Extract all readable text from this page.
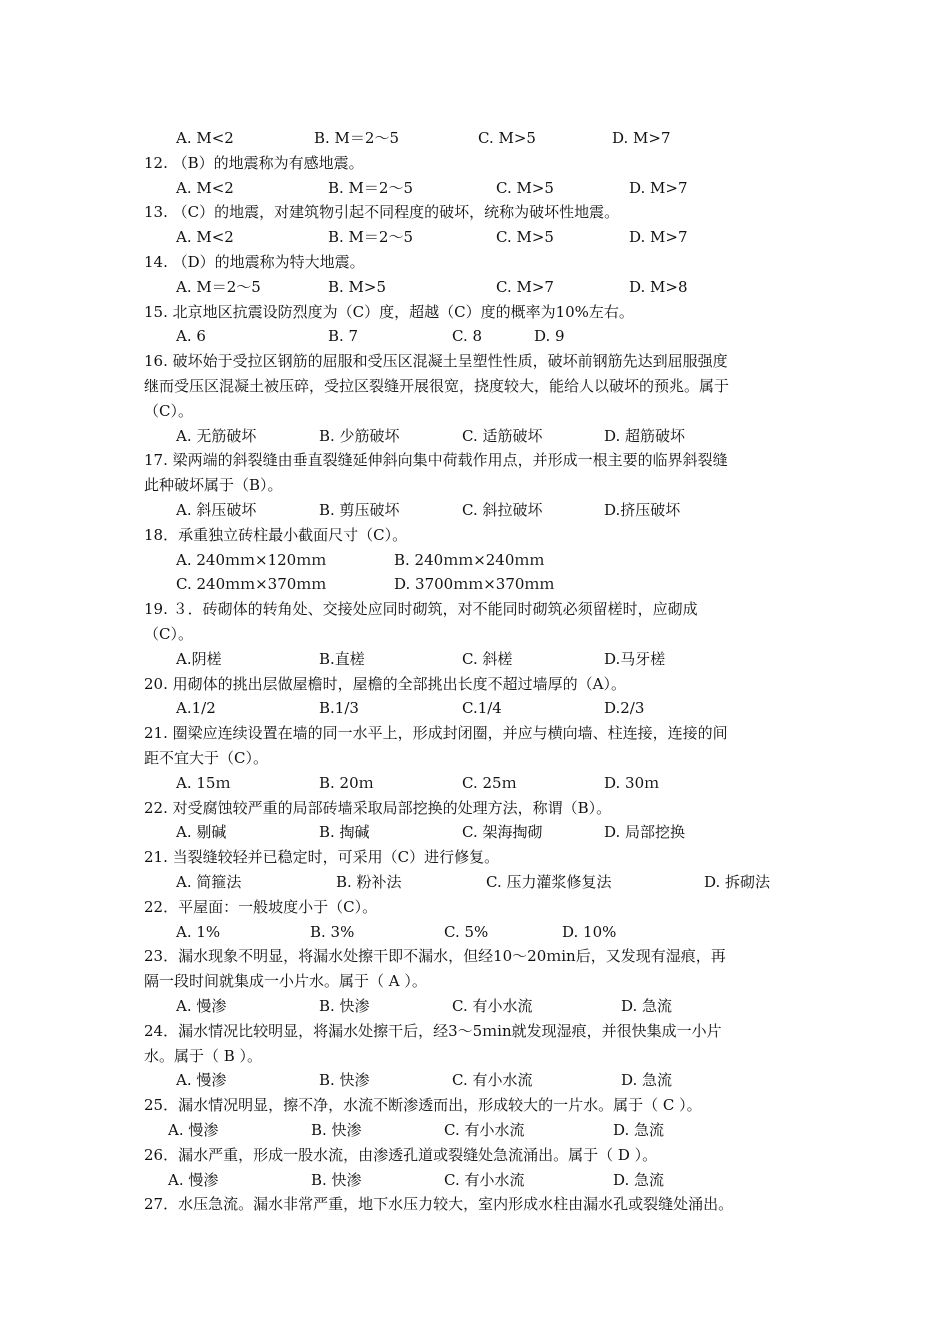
A. M<2	B. M＝2～5	C. M>5	D. M>7
12. （B）的地震称为有感地震。
A. M<2	B. M＝2～5	C. M>5	D. M>7
13. （C）的地震，对建筑物引起不同程度的破坏，统称为破坏性地震。
A. M<2	B. M＝2～5	C. M>5	D. M>7
14. （D）的地震称为特大地震。
A. M＝2～5	B. M>5	C. M>7	D. M>8
15. 北京地区抗震设防烈度为（C）度，超越（C）度的概率为10%左右。
A. 6	B. 7	C. 8	D. 9
16. 破坏始于受拉区钢筋的屈服和受压区混凝土呈塑性性质，破坏前钢筋先达到屈服强度
继而受压区混凝土被压碎，受拉区裂缝开展很宽，挠度较大，能给人以破坏的预兆。属于
（C）。
A. 无筋破坏	B. 少筋破坏	C. 适筋破坏	D. 超筋破坏
17. 梁两端的斜裂缝由垂直裂缝延伸斜向集中荷载作用点，并形成一根主要的临界斜裂缝
此种破坏属于（B）。
A. 斜压破坏	B. 剪压破坏	C. 斜拉破坏	D.挤压破坏
18．承重独立砖柱最小截面尺寸（C）。
A. 240ｍｍ×120ｍｍ	B. 240ｍｍ×240ｍｍ
C. 240ｍｍ×370ｍｍ	D. 3700ｍｍ×370ｍｍ
19. ３．砖砌体的转角处、交接处应同时砌筑，对不能同时砌筑必须留槎时，应砌成
（C）。
A.阴槎	B.直槎	C. 斜槎	D.马牙槎
20. 用砌体的挑出层做屋檐时，屋檐的全部挑出长度不超过墙厚的（A）。
A.1/2	B.1/3	C.1/4	D.2/3
21. 圈梁应连续设置在墙的同一水平上，形成封闭圈，并应与横向墙、柱连接，连接的间
距不宜大于（C）。
A. 15ｍ	B. 20ｍ	C. 25ｍ	D. 30ｍ
22. 对受腐蚀较严重的局部砖墙采取局部挖换的处理方法，称谓（B）。
A. 剔碱	B. 掏碱	C. 架海掏砌	D. 局部挖换
21. 当裂缝较轻并已稳定时，可采用（C）进行修复。
A. 简箍法	B. 粉补法	C. 压力灌浆修复法	D. 拆砌法
22．平屋面：一般坡度小于（C）。
A. 1%	B. 3%	C. 5%	D. 10%
23．漏水现象不明显，将漏水处擦干即不漏水，但经10～20ｍin后，又发现有湿痕，再
隔一段时间就集成一小片水。属于（ A ）。
A. 慢渗	B. 快渗	C. 有小水流	D. 急流
24．漏水情况比较明显，将漏水处擦干后，经3～5ｍin就发现湿痕，并很快集成一小片
水。属于（ B ）。
A. 慢渗	B. 快渗	C. 有小水流	D. 急流
25．漏水情况明显，擦不净，水流不断渗透而出，形成较大的一片水。属于（ C ）。
A. 慢渗	B. 快渗	C. 有小水流	D. 急流
26．漏水严重，形成一股水流，由渗透孔道或裂缝处急流涌出。属于（ D ）。
A. 慢渗	B. 快渗	C. 有小水流	D. 急流
27．水压急流。漏水非常严重，地下水压力较大，室内形成水柱由漏水孔或裂缝处涌出。
